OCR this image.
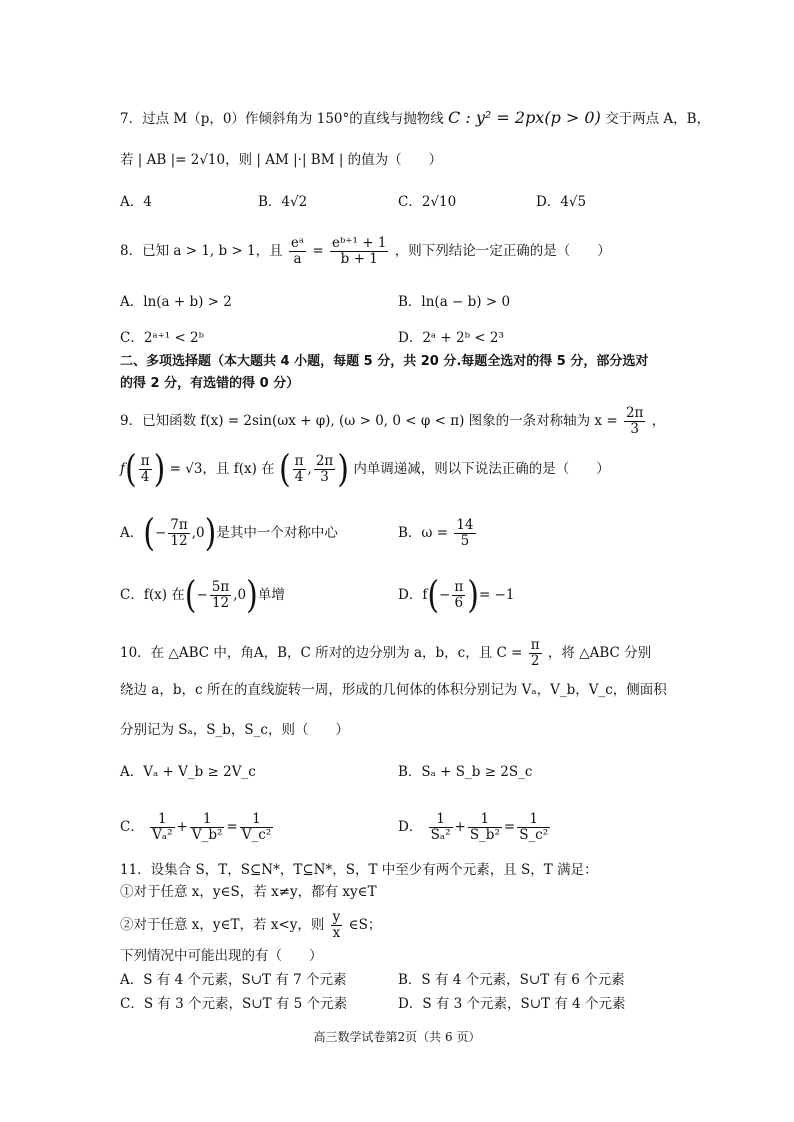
7．过点 M（p，0）作倾斜角为 150°的直线与抛物线 C : y² = 2px(p > 0) 交于两点 A，B，
若 | AB |= 2√10，则 | AM |·| BM | 的值为（　　）
A．4	B．4√2	C．2√10	D．4√5
8．已知 a > 1, b > 1，且 $\frac{\text{eᵃ}}{a} = \frac{\text{eᵇ⁺¹ + 1}}{b + 1}$ ，则下列结论一定正确的是（　　）
A．ln(a + b) > 2	B．ln(a − b) > 0
C．2ᵃ⁺¹ < 2ᵇ	D．2ᵃ + 2ᵇ < 2³
二、多项选择题（本大题共 4 小题，每题 5 分，共 20 分.每题全选对的得 5 分，部分选对
的得 2 分，有选错的得 0 分）
9．已知函数 f(x) = 2sin(ωx + φ), (ω > 0, 0 < φ < π) 图象的一条对称轴为 $x = \frac{2\pi}{3}$ ，
$f( \frac{\pi}{4}$ ) = √3，且 f(x) 在 ( $\frac{\pi}{4}$ , $\frac{2\pi}{3}$ ) 内单调递减，则以下说法正确的是（　　）
A．(− $\frac{7\pi}{12} ,0$)是其中一个对称中心	B．$\omega = \frac{14}{5}$
C．f(x) 在(− $\frac{5\pi}{12} ,0$)单增	D．$f(- \frac{\pi}{6}$ )= −1
10．在 △ABC 中，角A，B，C 所对的边分别为 a，b，c，且 $C = \frac{\pi}{2}$ ，将 △ABC 分别
绕边 a，b，c 所在的直线旋转一周，形成的几何体的体积分别记为 Vₐ，V_b，V_c，侧面积
分别记为 Sₐ，S_b，S_c，则（　　）
A．Vₐ + V_b ≥ 2V_c	B．Sₐ + S_b ≥ 2S_c
C． $\frac{1}{\text{Vₐ²}} + \frac{1}{\text{V\_b²}} = \frac{1}{\text{V\_c²}}$	D． $\frac{1}{\text{Sₐ²}} + \frac{1}{\text{S\_b²}} = \frac{1}{\text{S\_c²}}$
11．设集合 S，T，S⊆N*，T⊆N*，S，T 中至少有两个元素，且 S，T 满足：
①对于任意 x，y∈S，若 x≠y，都有 xy∈T
②对于任意 x，y∈T，若 x<y，则 $\frac{y}{x}$ ∈S；
下列情况中可能出现的有（　　）
A．S 有 4 个元素，S∪T 有 7 个元素	B．S 有 4 个元素，S∪T 有 6 个元素
C．S 有 3 个元素，S∪T 有 5 个元素	D．S 有 3 个元素，S∪T 有 4 个元素
高三数学试卷第2页（共 6 页）
